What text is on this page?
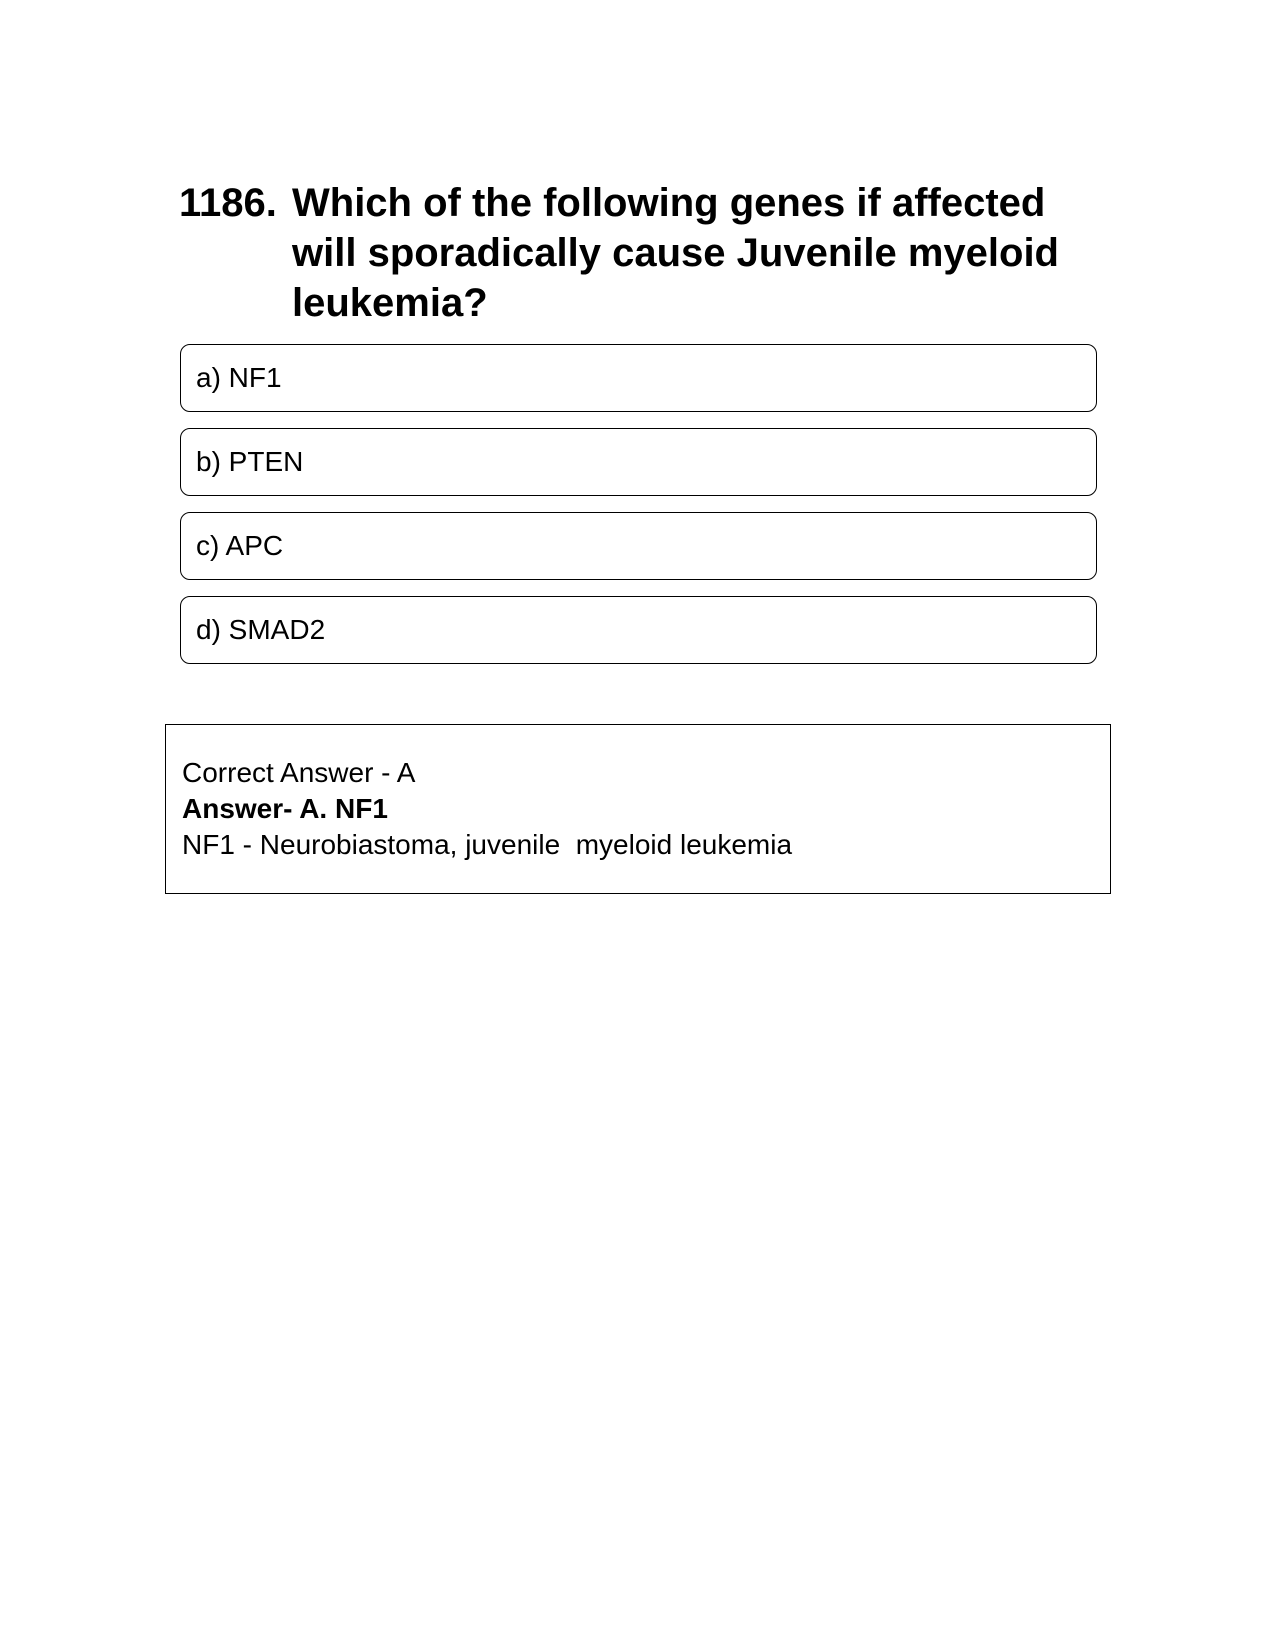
1186. Which of the following genes if affected will sporadically cause Juvenile myeloid leukemia?
a) NF1
b) PTEN
c) APC
d) SMAD2
Correct Answer - A
Answer- A. NF1
NF1 - Neurobiastoma, juvenile  myeloid leukemia
